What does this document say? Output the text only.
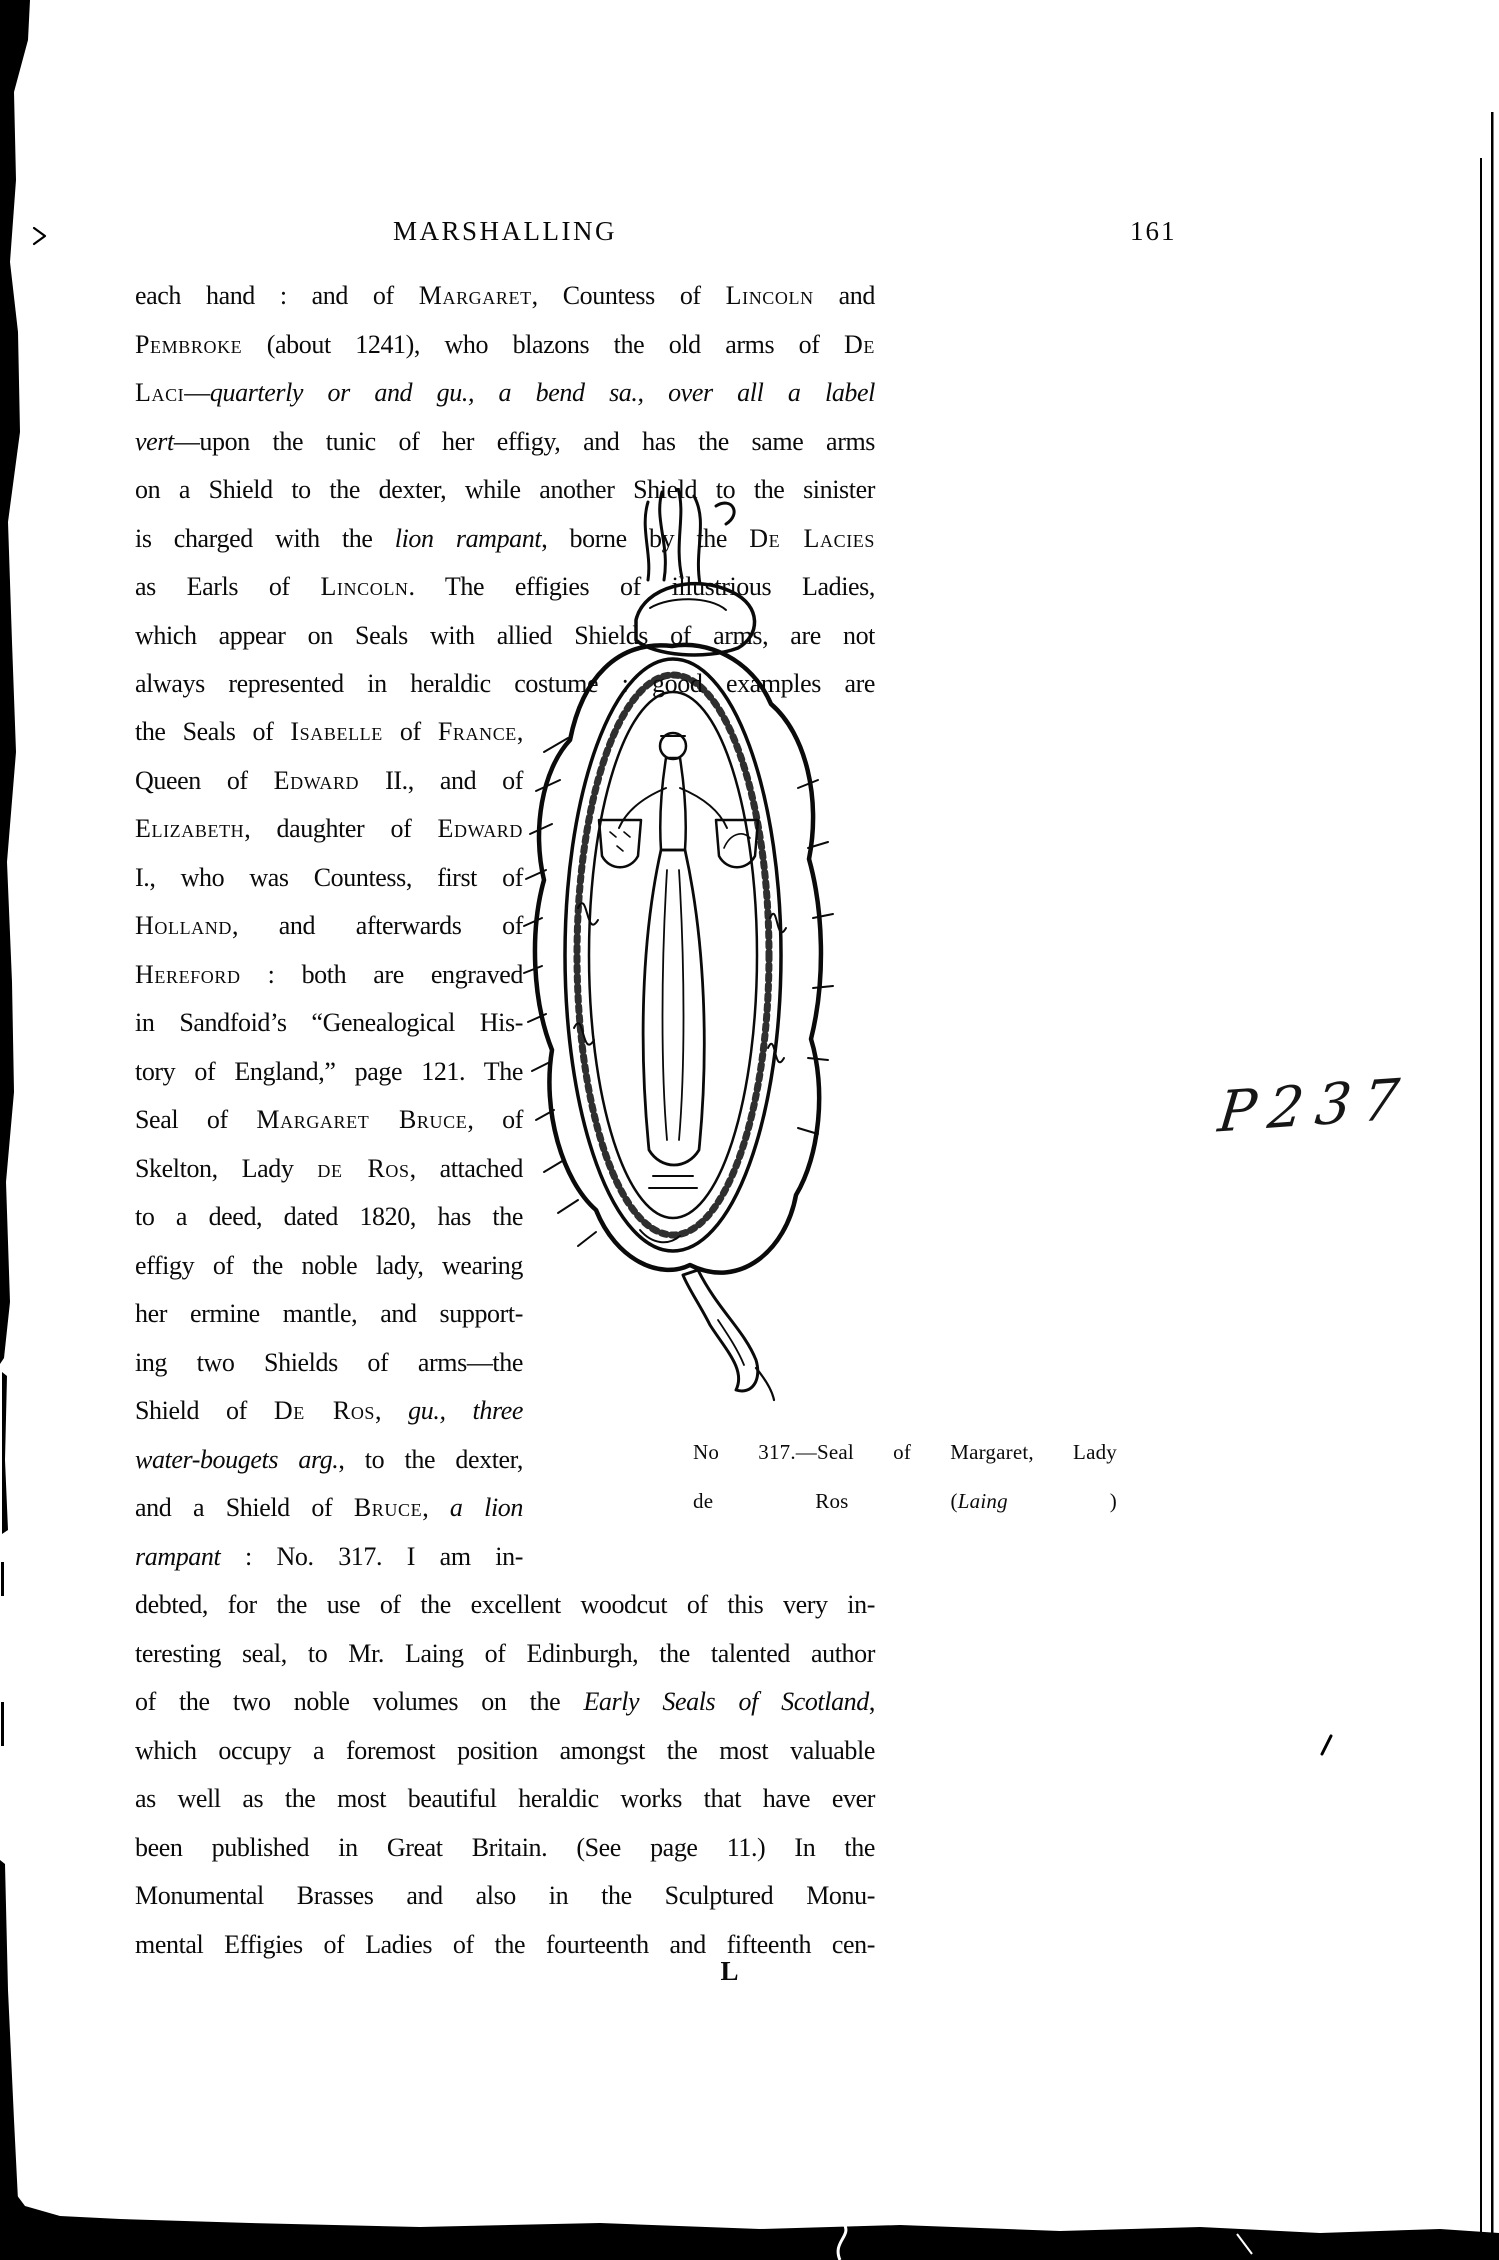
MARSHALLING	161
each hand : and of Margaret, Countess of Lincoln and
Pembroke (about 1241), who blazons the old arms of De
Laci—quarterly or and gu., a bend sa., over all a label
vert—upon the tunic of her effigy, and has the same arms
on a Shield to the dexter, while another Shield to the sinister
is charged with the lion rampant, borne by the De Lacies
as Earls of Lincoln. The effigies of illustrious Ladies,
which appear on Seals with allied Shields of arms, are not
always represented in heraldic costume : good examples are
the Seals of Isabelle of France,
Queen of Edward II., and of
Elizabeth, daughter of Edward
I., who was Countess, first of
Holland, and afterwards of
Hereford : both are engraved
in Sandfoid’s “Genealogical His-
tory of England,” page 121. The
Seal of Margaret Bruce, of
Skelton, Lady de Ros, attached
to a deed, dated 1820, has the
effigy of the noble lady, wearing
her ermine mantle, and support-
ing two Shields of arms—the
Shield of De Ros, gu., three
water-bougets arg., to the dexter,
and a Shield of Bruce, a lion
rampant : No. 317. I am in-
debted, for the use of the excellent woodcut of this very in-
teresting seal, to Mr. Laing of Edinburgh, the talented author
of the two noble volumes on the Early Seals of Scotland,
which occupy a foremost position amongst the most valuable
as well as the most beautiful heraldic works that have ever
been published in Great Britain. (See page 11.) In the
Monumental Brasses and also in the Sculptured Monu-
mental Effigies of Ladies of the fourteenth and fifteenth cen-
No 317.—Seal of Margaret, Lady
de Ros (Laing )
L
P237
